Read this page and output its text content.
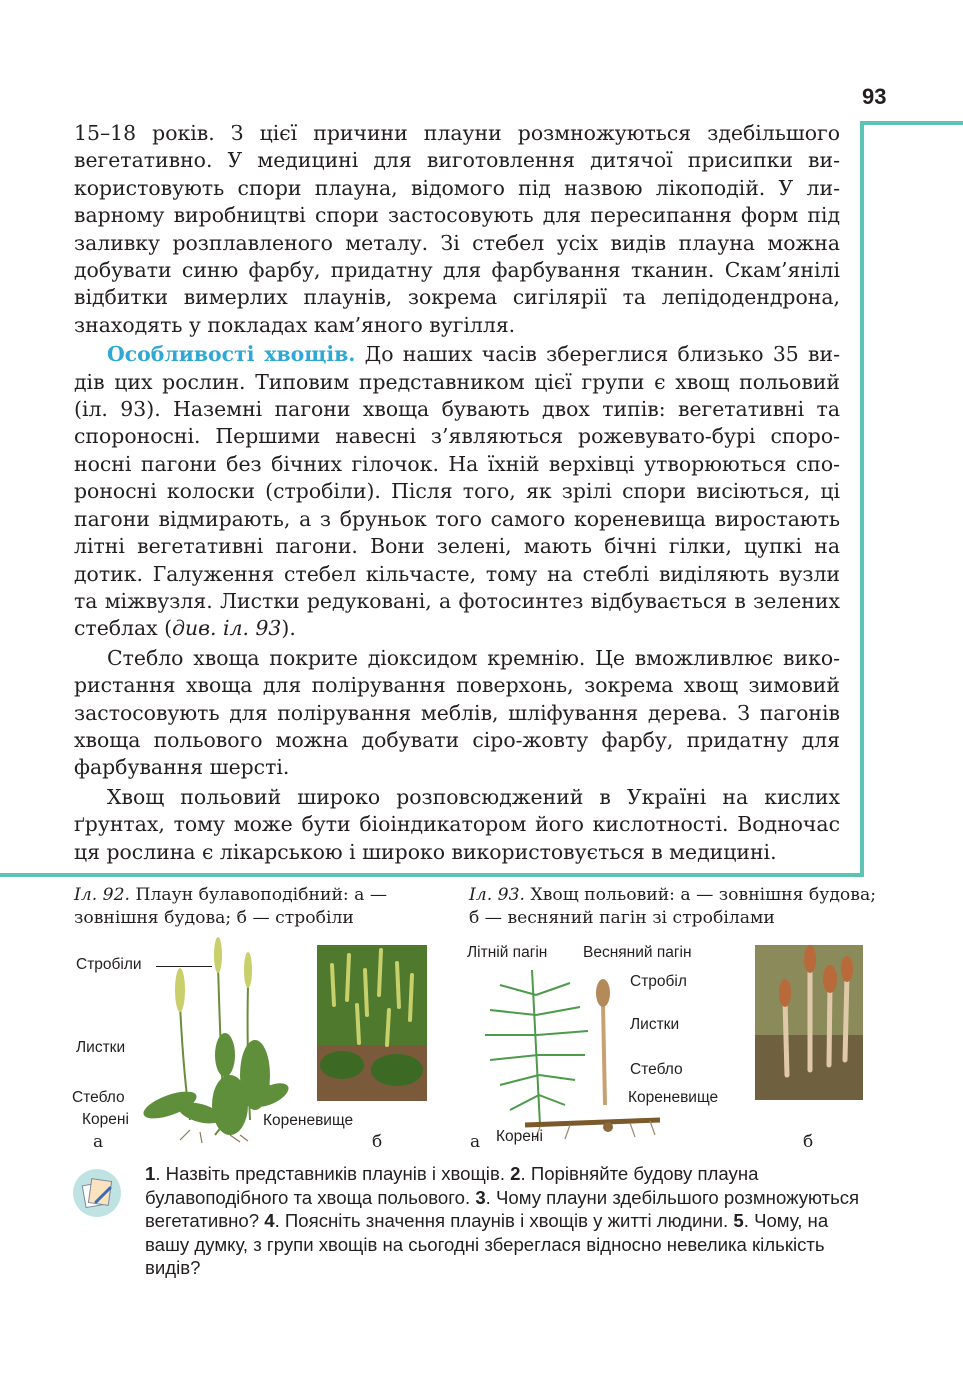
93

15–18 років. З цієї причини плауни розмножуються здебільшого вегетативно. У медицині для виготовлення дитячої присипки використовують спори плауна, відомого під назвою лікоподій. У ливарному виробництві спори застосовують для пересипання форм під заливку розплавленого металу. Зі стебел усіх видів плауна можна добувати синю фарбу, придатну для фарбування тканин. Скам’янiлі відбитки вимерлих плаунів, зокрема сигілярії та лепідодендрона, знаходять у покладах кам’яного вугілля.

Особливості хвощів. До наших часів збереглися близько 35 видів цих рослин. Типовим представником цієї групи є хвощ польовий (іл. 93). Наземні пагони хвоща бувають двох типів: вегетативні та спороносні. Першими навесні з’являються рожевувато-бурі спороносні пагони без бічних гілочок. На їхній верхівці утворюються спороносні колоски (стробіли). Після того, як зрілі спори висіються, ці пагони відмирають, а з бруньок того самого кореневища виростають літні вегетативні пагони. Вони зелені, мають бічні гілки, цупкі на дотик. Галуження стебел кільчасте, тому на стеблі виділяють вузли та міжвузля. Листки редуковані, а фотосинтез відбувається в зелених стеблах (див. іл. 93).

Стебло хвоща покрите діоксидом кремнію. Це вможливлює використання хвоща для полірування поверхонь, зокрема хвощ зимовий застосовують для полірування меблів, шліфування дерева. З пагонів хвоща польового можна добувати сіро-жовту фарбу, придатну для фарбування шерсті.

Хвощ польовий широко розповсюджений в Україні на кислих ґрунтах, тому може бути біоіндикатором його кислотності. Водночас ця рослина є лікарською і широко використовується в медицині.

Іл. 92. Плаун булавоподібний: а — зовнішня будова; б — стробіли
Іл. 93. Хвощ польовий: а — зовнішня будова; б — весняний пагін зі стробілами
Стробіли
Листки
Стебло
Корені	Кореневище
а	б
Літній пагін Весняний пагін
Стробіл
Листки
Стебло
Кореневище
Корені
а	б
1. Назвіть представників плаунів і хвощів. 2. Порівняйте будову плауна булавоподібного та хвоща польового. 3. Чому плауни здебільшого розмножуються вегетативно? 4. Поясніть значення плаунів і хвощів у житті людини. 5. Чому, на вашу думку, з групи хвощів на сьогодні збереглася відносно невелика кількість видів?
